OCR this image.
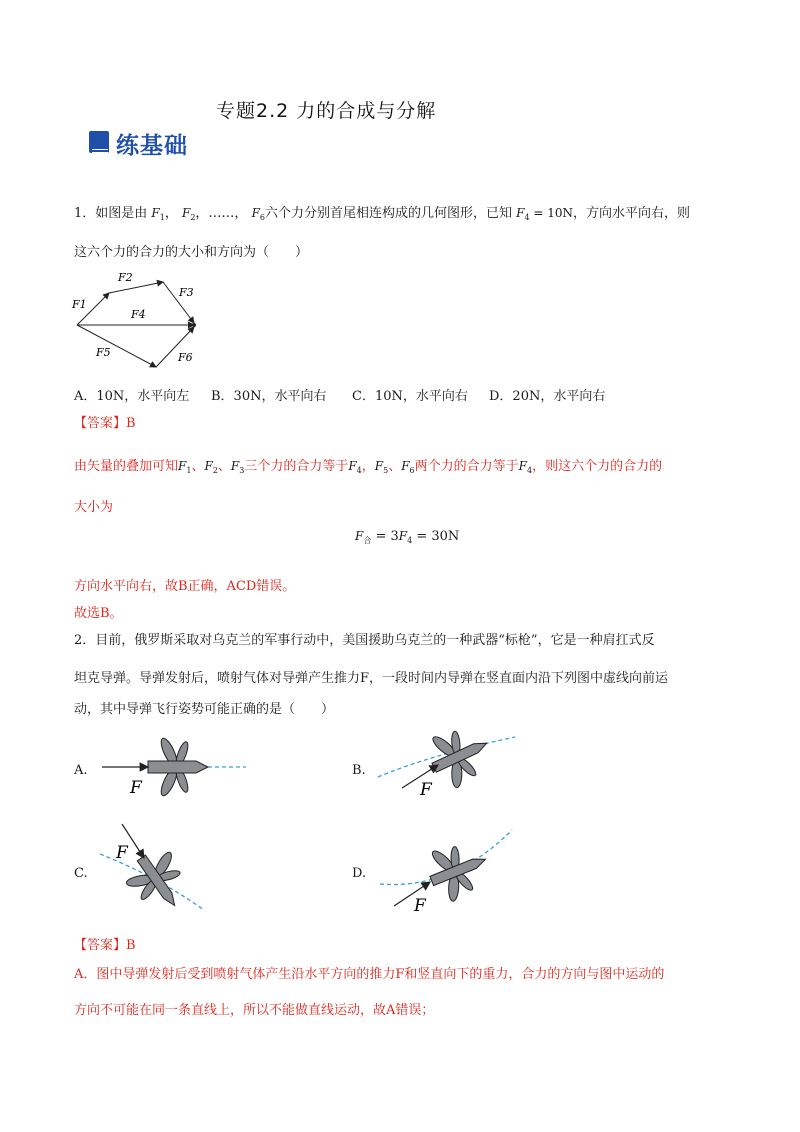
专题2.2 力的合成与分解
练基础
1．如图是由 $F_1$， $F_2$，……， $F_6$六个力分别首尾相连构成的几何图形，已知 $F_4 = 10N$，方向水平向右，则
这六个力的合力的大小和方向为（　　）
F1
F2
F3
F4
F5	F6
A．10N，水平向左 B．30N，水平向右 C．10N，水平向右 D．20N，水平向右
【答案】B
由矢量的叠加可知$F_1$、$F_2$、$F_3$三个力的合力等于$F_4$，$F_5$、$F_6$两个力的合力等于$F_4$，则这六个力的合力的
大小为
$F_合 = 3F_4 = 30N$
方向水平向右，故B正确，ACD错误。
故选B。
2．目前，俄罗斯采取对乌克兰的军事行动中，美国援助乌克兰的一种武器“标枪”，它是一种肩扛式反
坦克导弹。导弹发射后，喷射气体对导弹产生推力F，一段时间内导弹在竖直面内沿下列图中虚线向前运
动，其中导弹飞行姿势可能正确的是（　　）
A.
F
B.
F
C.
F
D.
F
【答案】B
A．图中导弹发射后受到喷射气体产生沿水平方向的推力F和竖直向下的重力，合力的方向与图中运动的
方向不可能在同一条直线上，所以不能做直线运动，故A错误；
